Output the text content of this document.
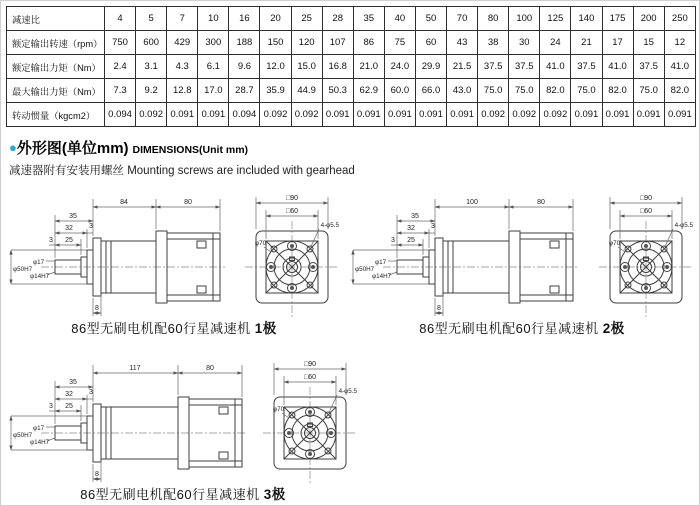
减速比	4	5	7	10	16	20	25	28	35	40	50	70	80	100	125	140	175	200	250
额定输出转速（rpm）	750	600	429	300	188	150	120	107	86	75	60	43	38	30	24	21	17	15	12
额定输出力矩（Nm）	2.4	3.1	4.3	6.1	9.6	12.0	15.0	16.8	21.0	24.0	29.9	21.5	37.5	37.5	41.0	37.5	41.0	37.5	41.0
最大输出力矩（Nm）	7.3	9.2	12.8	17.0	28.7	35.9	44.9	50.3	62.9	60.0	66.0	43.0	75.0	75.0	82.0	75.0	82.0	75.0	82.0
转动惯量（kgcm2）	0.094	0.092	0.091	0.091	0.094	0.092	0.092	0.091	0.091	0.091	0.091	0.091	0.092	0.092	0.092	0.091	0.091	0.091	0.091
●外形图(单位mm) DIMENSIONS(Unit mm)
减速器附有安装用螺丝 Mounting screws are included with gearhead
84	80
35
32 3
3 25
8
φ50H7
φ17
φ14H7
□90
□60
φ70
4-φ5.5
86型无刷电机配60行星减速机 1极
100	80
35
32 3
3 25
8
φ50H7
φ17
φ14H7
□90
□60
φ70
4-φ5.5
86型无刷电机配60行星减速机 2极
117	80
35
32 3
3 25
8
φ50H7
φ17
φ14H7
□90
□60
φ70
4-φ5.5
86型无刷电机配60行星减速机 3极
